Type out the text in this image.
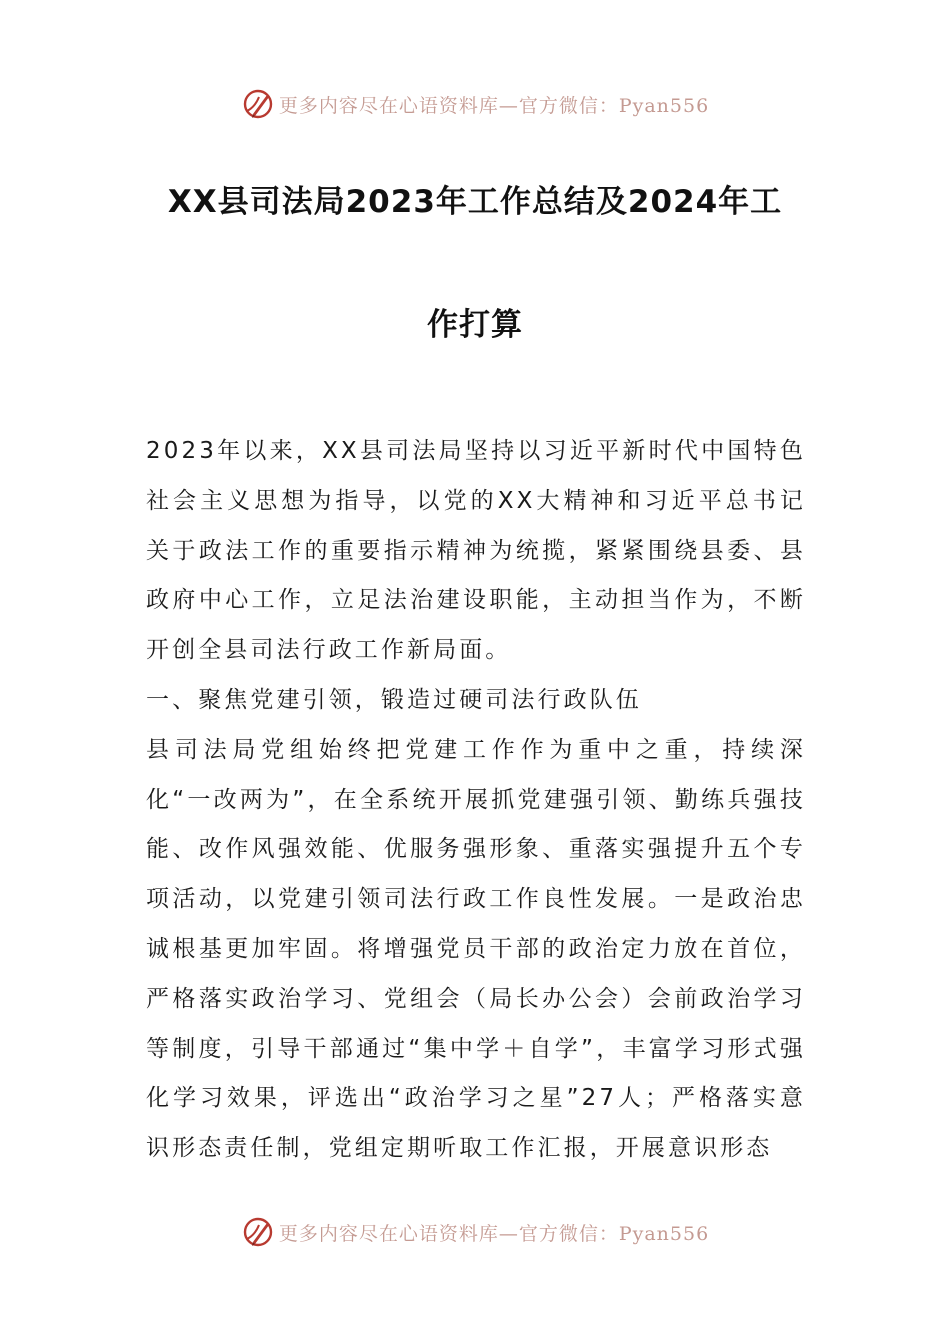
更多内容尽在心语资料库—官方微信：Pyan556
XX县司法局2023年工作总结及2024年工
作打算

2023年以来，XX县司法局坚持以习近平新时代中国特色社会主义思想为指导，以党的XX大精神和习近平总书记关于政法工作的重要指示精神为统揽，紧紧围绕县委、县政府中心工作，立足法治建设职能，主动担当作为，不断开创全县司法行政工作新局面。

一、聚焦党建引领，锻造过硬司法行政队伍

县司法局党组始终把党建工作作为重中之重，持续深化“一改两为”，在全系统开展抓党建强引领、勤练兵强技能、改作风强效能、优服务强形象、重落实强提升五个专项活动，以党建引领司法行政工作良性发展。一是政治忠诚根基更加牢固。将增强党员干部的政治定力放在首位，严格落实政治学习、党组会（局长办公会）会前政治学习等制度，引导干部通过“集中学＋自学”，丰富学习形式强化学习效果，评选出“政治学习之星”27人；严格落实意识形态责任制，党组定期听取工作汇报，开展意识形态

更多内容尽在心语资料库—官方微信：Pyan556
